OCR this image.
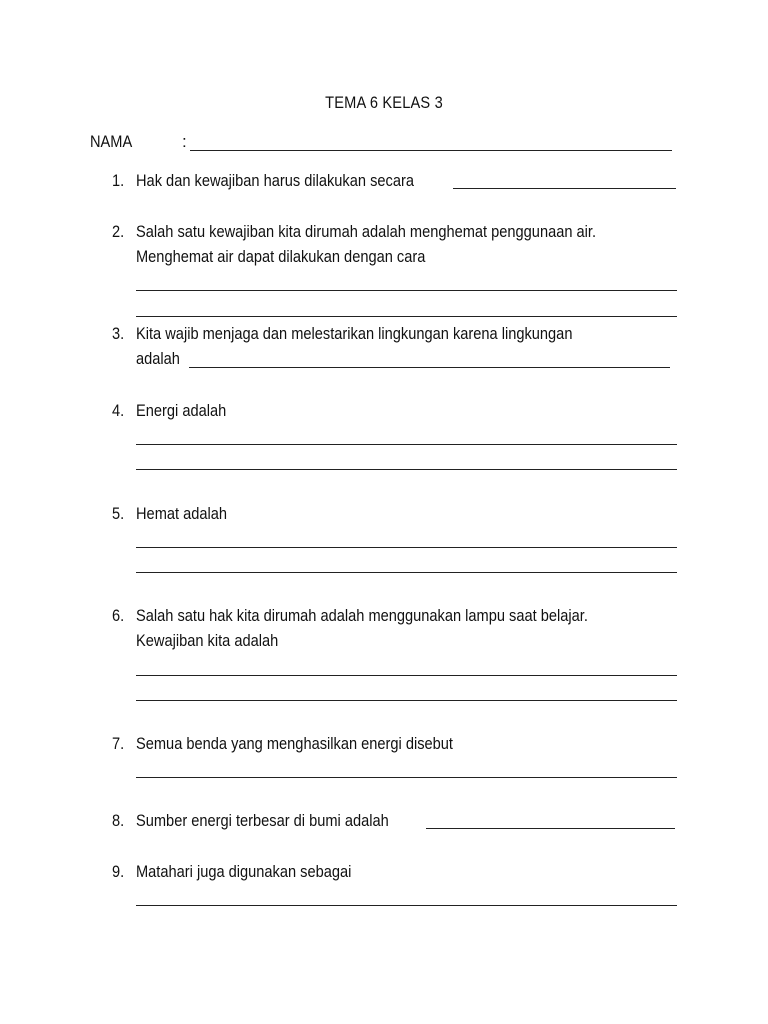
TEMA 6 KELAS 3
NAMA	:
1. Hak dan kewajiban harus dilakukan secara
2. Salah satu kewajiban kita dirumah adalah menghemat penggunaan air.
Menghemat air dapat dilakukan dengan cara
3. Kita wajib menjaga dan melestarikan lingkungan karena lingkungan
adalah
4. Energi adalah
5. Hemat adalah
6. Salah satu hak kita dirumah adalah menggunakan lampu saat belajar.
Kewajiban kita adalah
7. Semua benda yang menghasilkan energi disebut
8. Sumber energi terbesar di bumi adalah
9. Matahari juga digunakan sebagai
